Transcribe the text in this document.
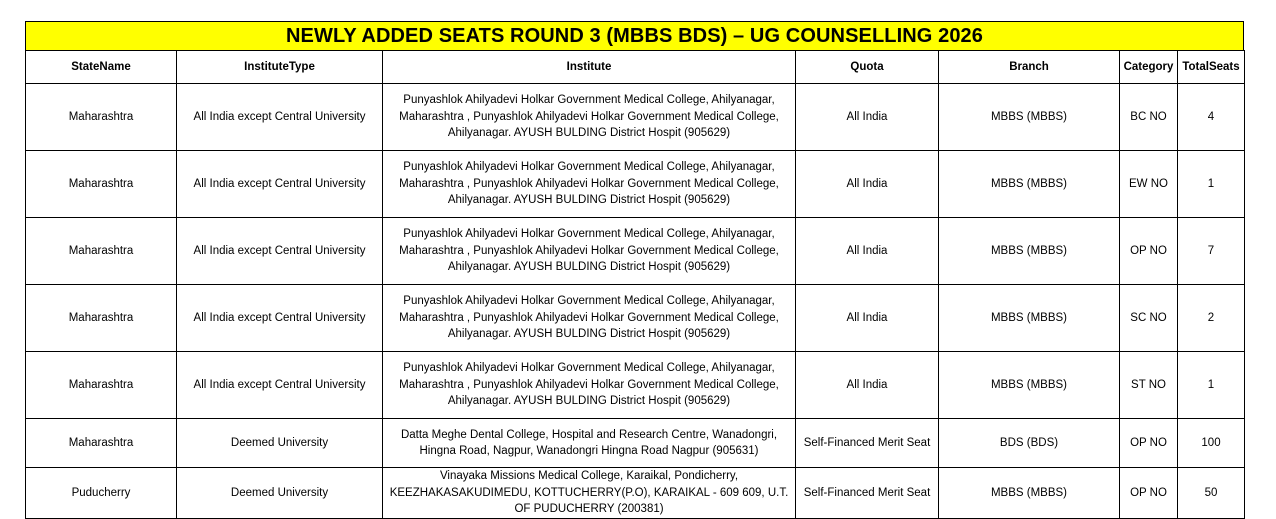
NEWLY ADDED SEATS ROUND 3 (MBBS BDS) – UG COUNSELLING 2026
StateName	InstituteType	Institute	Quota	Branch	Category	TotalSeats
Maharashtra	All India except Central University	Punyashlok Ahilyadevi Holkar Government Medical College, Ahilyanagar, Maharashtra , Punyashlok Ahilyadevi Holkar Government Medical College, Ahilyanagar. AYUSH BULDING District Hospit (905629)	All India	MBBS (MBBS)	BC NO	4
Maharashtra	All India except Central University	Punyashlok Ahilyadevi Holkar Government Medical College, Ahilyanagar, Maharashtra , Punyashlok Ahilyadevi Holkar Government Medical College, Ahilyanagar. AYUSH BULDING District Hospit (905629)	All India	MBBS (MBBS)	EW NO	1
Maharashtra	All India except Central University	Punyashlok Ahilyadevi Holkar Government Medical College, Ahilyanagar, Maharashtra , Punyashlok Ahilyadevi Holkar Government Medical College, Ahilyanagar. AYUSH BULDING District Hospit (905629)	All India	MBBS (MBBS)	OP NO	7
Maharashtra	All India except Central University	Punyashlok Ahilyadevi Holkar Government Medical College, Ahilyanagar, Maharashtra , Punyashlok Ahilyadevi Holkar Government Medical College, Ahilyanagar. AYUSH BULDING District Hospit (905629)	All India	MBBS (MBBS)	SC NO	2
Maharashtra	All India except Central University	Punyashlok Ahilyadevi Holkar Government Medical College, Ahilyanagar, Maharashtra , Punyashlok Ahilyadevi Holkar Government Medical College, Ahilyanagar. AYUSH BULDING District Hospit (905629)	All India	MBBS (MBBS)	ST NO	1
Maharashtra	Deemed University	Datta Meghe Dental College, Hospital and Research Centre, Wanadongri, Hingna Road, Nagpur, Wanadongri Hingna Road Nagpur (905631)	Self-Financed Merit Seat	BDS (BDS)	OP NO	100
Puducherry	Deemed University	Vinayaka Missions Medical College, Karaikal, Pondicherry, KEEZHAKASAKUDIMEDU, KOTTUCHERRY(P.O), KARAIKAL - 609 609, U.T. OF PUDUCHERRY (200381)	Self-Financed Merit Seat	MBBS (MBBS)	OP NO	50
